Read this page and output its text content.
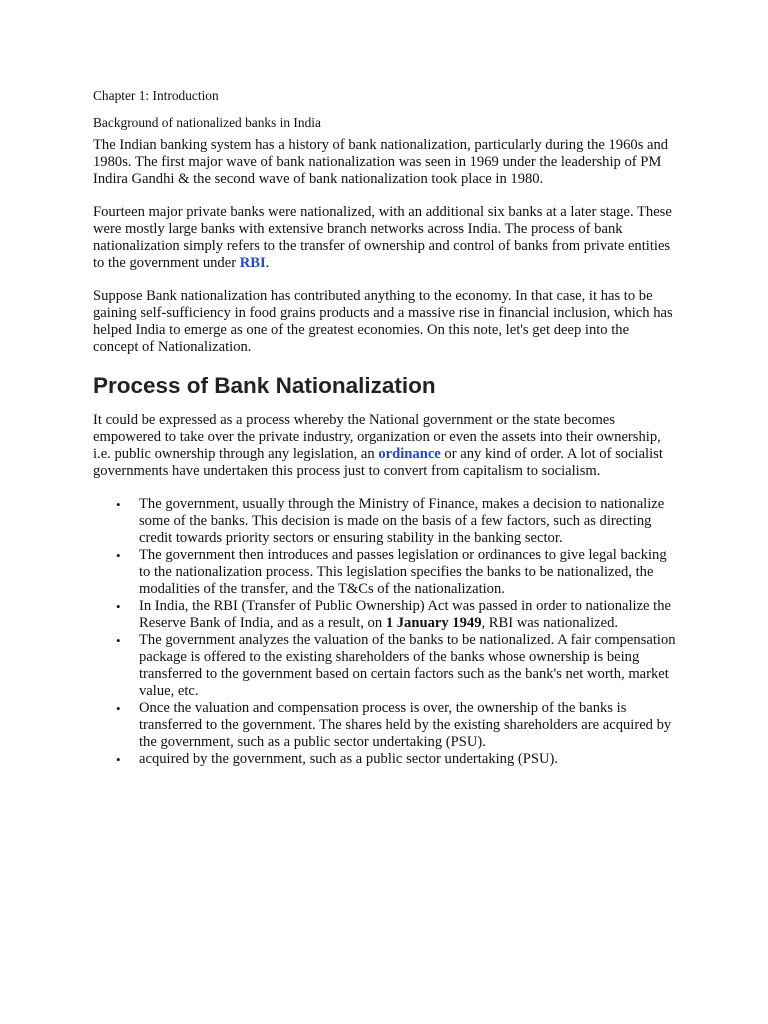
Chapter 1: Introduction

Background of nationalized banks in India

The Indian banking system has a history of bank nationalization, particularly during the 1960s and 1980s. The first major wave of bank nationalization was seen in 1969 under the leadership of PM Indira Gandhi & the second wave of bank nationalization took place in 1980.

Fourteen major private banks were nationalized, with an additional six banks at a later stage. These were mostly large banks with extensive branch networks across India. The process of bank nationalization simply refers to the transfer of ownership and control of banks from private entities to the government under RBI.

Suppose Bank nationalization has contributed anything to the economy. In that case, it has to be gaining self-sufficiency in food grains products and a massive rise in financial inclusion, which has helped India to emerge as one of the greatest economies. On this note, let's get deep into the concept of Nationalization.

Process of Bank Nationalization

It could be expressed as a process whereby the National government or the state becomes empowered to take over the private industry, organization or even the assets into their ownership, i.e. public ownership through any legislation, an ordinance or any kind of order. A lot of socialist governments have undertaken this process just to convert from capitalism to socialism.

• The government, usually through the Ministry of Finance, makes a decision to nationalize some of the banks. This decision is made on the basis of a few factors, such as directing credit towards priority sectors or ensuring stability in the banking sector.
• The government then introduces and passes legislation or ordinances to give legal backing to the nationalization process. This legislation specifies the banks to be nationalized, the modalities of the transfer, and the T&Cs of the nationalization.
• In India, the RBI (Transfer of Public Ownership) Act was passed in order to nationalize the Reserve Bank of India, and as a result, on 1 January 1949, RBI was nationalized.
• The government analyzes the valuation of the banks to be nationalized. A fair compensation package is offered to the existing shareholders of the banks whose ownership is being transferred to the government based on certain factors such as the bank's net worth, market value, etc.
• Once the valuation and compensation process is over, the ownership of the banks is transferred to the government. The shares held by the existing shareholders are acquired by the government, such as a public sector undertaking (PSU).
• acquired by the government, such as a public sector undertaking (PSU).
